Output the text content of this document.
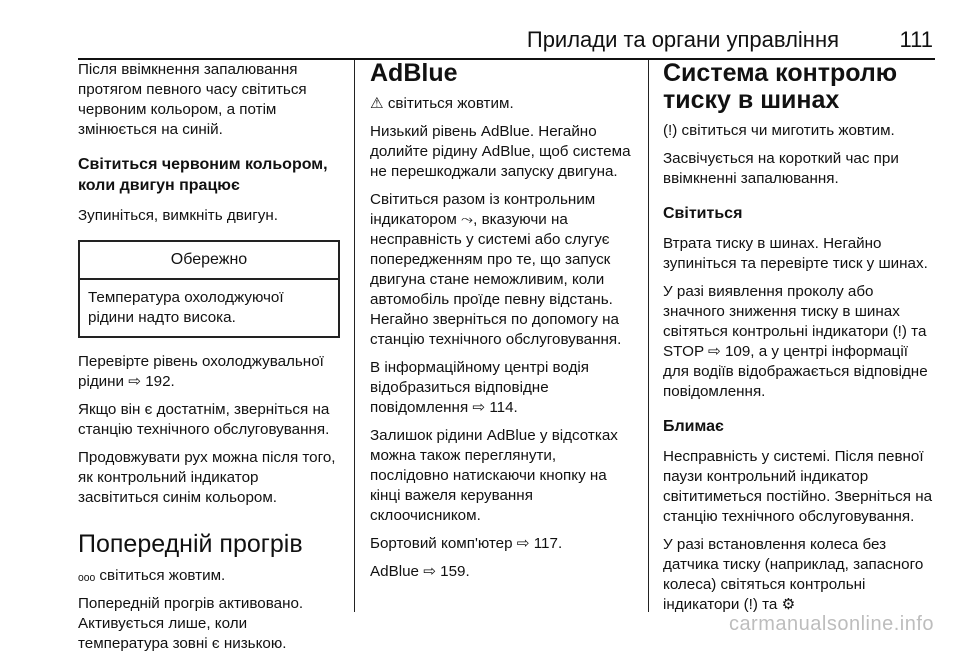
Прилади та органи управління	111

Після ввімкнення запалювання протягом певного часу світиться червоним кольором, а потім змінюється на синій.

Світиться червоним кольором, коли двигун працює

Зупиніться, вимкніть двигун.

Обережно
Температура охолоджуючої рідини надто висока.

Перевірте рівень охолоджувальної рідини ⇨ 192.

Якщо він є достатнім, зверніться на станцію технічного обслуговування.

Продовжувати рух можна після того, як контрольний індикатор засвітиться синім кольором.

Попередній прогрів

ₒₒₒ світиться жовтим.

Попередній прогрів активовано. Активується лише, коли температура зовні є низькою.

AdBlue

⚠ світиться жовтим.

Низький рівень AdBlue. Негайно долийте рідину AdBlue, щоб система не перешкоджали запуску двигуна.

Світиться разом із контрольним індикатором ⤳, вказуючи на несправність у системі або слугує попередженням про те, що запуск двигуна стане неможливим, коли автомобіль проїде певну відстань. Негайно зверніться по допомогу на станцію технічного обслуговування.

В інформаційному центрі водія відобразиться відповідне повідомлення ⇨ 114.

Залишок рідини AdBlue у відсотках можна також переглянути, послідовно натискаючи кнопку на кінці важеля керування склоочисником.

Бортовий комп'ютер ⇨ 117.

AdBlue ⇨ 159.

Система контролю тиску в шинах

(!) світиться чи миготить жовтим.

Засвічується на короткий час при ввімкненні запалювання.

Світиться

Втрата тиску в шинах. Негайно зупиніться та перевірте тиск у шинах.

У разі виявлення проколу або значного зниження тиску в шинах світяться контрольні індикатори (!) та STOP ⇨ 109, а у центрі інформації для водіїв відображається відповідне повідомлення.

Блимає

Несправність у системі. Після певної паузи контрольний індикатор світитиметься постійно. Зверніться на станцію технічного обслуговування.

У разі встановлення колеса без датчика тиску (наприклад, запасного колеса) світяться контрольні індикатори (!) та ⚙

carmanualsonline.info
